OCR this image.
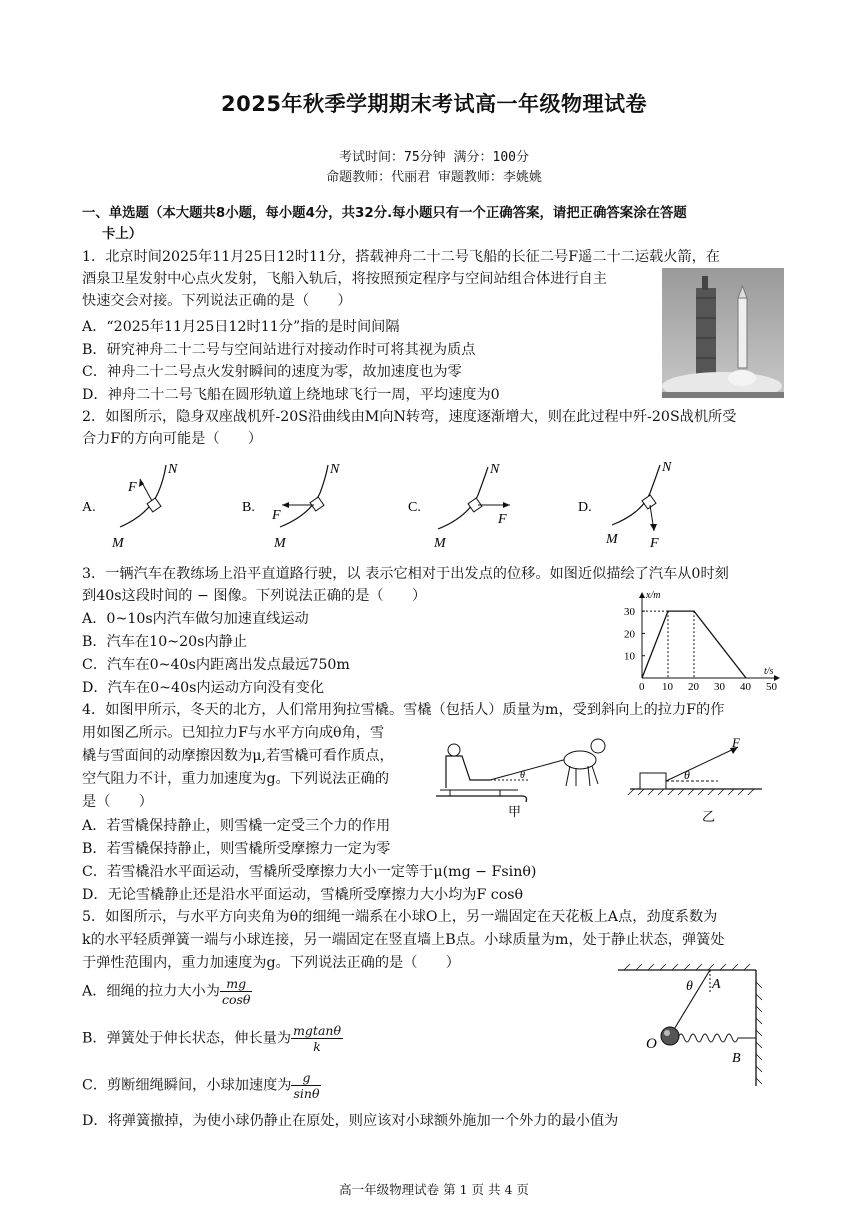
2025年秋季学期期末考试高一年级物理试卷
考试时间：75分钟 满分：100分
命题教师：代丽君 审题教师：李姚姚
一、单选题（本大题共8小题，每小题4分，共32分.每小题只有一个正确答案，请把正确答案涂在答题
卡上）
1．北京时间2025年11月25日12时11分，搭载神舟二十二号飞船的长征二号F遥二十二运载火箭，在
酒泉卫星发射中心点火发射，飞船入轨后，将按照预定程序与空间站组合体进行自主
快速交会对接。下列说法正确的是（　　）
A．“2025年11月25日12时11分”指的是时间间隔
B．研究神舟二十二号与空间站进行对接动作时可将其视为质点
C．神舟二十二号点火发射瞬间的速度为零，故加速度也为零
D．神舟二十二号飞船在圆形轨道上绕地球飞行一周，平均速度为0
2．如图所示，隐身双座战机歼-20S沿曲线由M向N转弯，速度逐渐增大，则在此过程中歼-20S战机所受
合力F的方向可能是（　　）
A.
F
N
M
B.
F
N
M
C.
F
N
M
D.
F
N
M
3．一辆汽车在教练场上沿平直道路行驶，以 表示它相对于出发点的位移。如图近似描绘了汽车从0时刻
到40s这段时间的 − 图像。下列说法正确的是（　　）
A．0~10s内汽车做匀加速直线运动
B．汽车在10~20s内静止
C．汽车在0~40s内距离出发点最远750m
D．汽车在0~40s内运动方向没有变化
x/m
t/s
0 10 20 30 40 50
10
20
30
4．如图甲所示，冬天的北方，人们常用狗拉雪橇。雪橇（包括人）质量为m，受到斜向上的拉力F的作
用如图乙所示。已知拉力F与水平方向成θ角，雪
橇与雪面间的动摩擦因数为μ,若雪橇可看作质点，
空气阻力不计，重力加速度为g。下列说法正确的
是（　　）
A．若雪橇保持静止，则雪橇一定受三个力的作用
B．若雪橇保持静止，则雪橇所受摩擦力一定为零
C．若雪橇沿水平面运动，雪橇所受摩擦力大小一定等于μ(mg − Fsinθ)
D．无论雪橇静止还是沿水平面运动，雪橇所受摩擦力大小均为F cosθ
θ
甲
F
θ
乙
5．如图所示，与水平方向夹角为θ的细绳一端系在小球O上，另一端固定在天花板上A点，劲度系数为
k的水平轻质弹簧一端与小球连接，另一端固定在竖直墙上B点。小球质量为m，处于静止状态，弹簧处
于弹性范围内，重力加速度为g。下列说法正确的是（　　）
A．细绳的拉力大小为 $\frac{mg}{\cos\theta}$
B．弹簧处于伸长状态，伸长量为 $\frac{mgtan\theta}{k}$
C．剪断细绳瞬间，小球加速度为 $\frac{g}{\sin\theta}$
D．将弹簧撤掉，为使小球仍静止在原处，则应该对小球额外施加一个外力的最小值为
θ A
O
B
高一年级物理试卷 第 1 页 共 4 页
